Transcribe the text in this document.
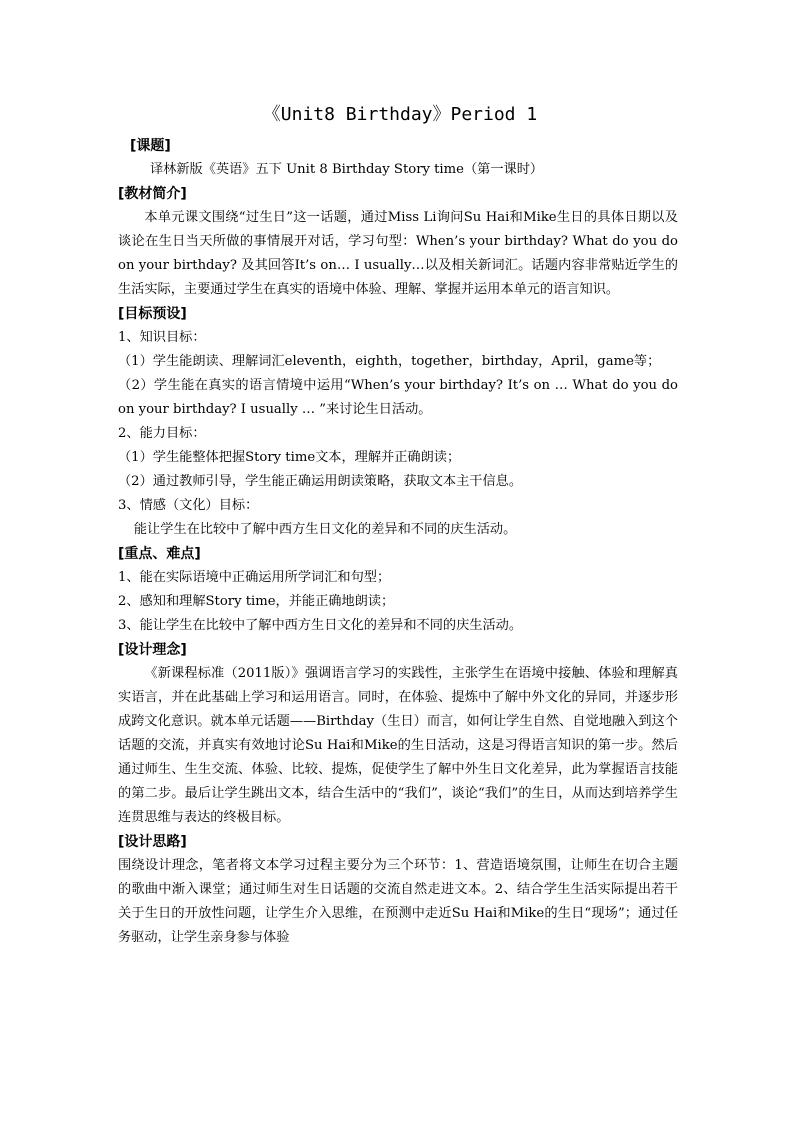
《Unit8 Birthday》Period 1
[课题]
译林新版《英语》五下 Unit 8 Birthday Story time（第一课时）
[教材简介]
本单元课文围绕“过生日”这一话题，通过Miss Li询问Su Hai和Mike生日的具体日期以及谈论在生日当天所做的事情展开对话，学习句型：When’s your birthday? What do you do on your birthday? 及其回答It’s on… I usually…以及相关新词汇。话题内容非常贴近学生的生活实际，主要通过学生在真实的语境中体验、理解、掌握并运用本单元的语言知识。
[目标预设]
1、知识目标：
（1）学生能朗读、理解词汇eleventh，eighth，together，birthday，April，game等；
（2）学生能在真实的语言情境中运用“When’s your birthday? It’s on … What do you do on your birthday? I usually … ”来讨论生日活动。
2、能力目标：
（1）学生能整体把握Story time文本，理解并正确朗读；
（2）通过教师引导，学生能正确运用朗读策略，获取文本主干信息。
3、情感（文化）目标：
能让学生在比较中了解中西方生日文化的差异和不同的庆生活动。
[重点、难点]
1、能在实际语境中正确运用所学词汇和句型；
2、感知和理解Story time，并能正确地朗读；
3、能让学生在比较中了解中西方生日文化的差异和不同的庆生活动。
[设计理念]
《新课程标准（2011版）》强调语言学习的实践性，主张学生在语境中接触、体验和理解真实语言，并在此基础上学习和运用语言。同时，在体验、提炼中了解中外文化的异同，并逐步形成跨文化意识。就本单元话题——Birthday（生日）而言，如何让学生自然、自觉地融入到这个话题的交流，并真实有效地讨论Su Hai和Mike的生日活动，这是习得语言知识的第一步。然后通过师生、生生交流、体验、比较、提炼，促使学生了解中外生日文化差异，此为掌握语言技能的第二步。最后让学生跳出文本，结合生活中的“我们”，谈论“我们”的生日，从而达到培养学生连贯思维与表达的终极目标。
[设计思路]
围绕设计理念，笔者将文本学习过程主要分为三个环节：1、营造语境氛围，让师生在切合主题的歌曲中渐入课堂；通过师生对生日话题的交流自然走进文本。2、结合学生生活实际提出若干关于生日的开放性问题，让学生介入思维，在预测中走近Su Hai和Mike的生日“现场”；通过任务驱动，让学生亲身参与体验
